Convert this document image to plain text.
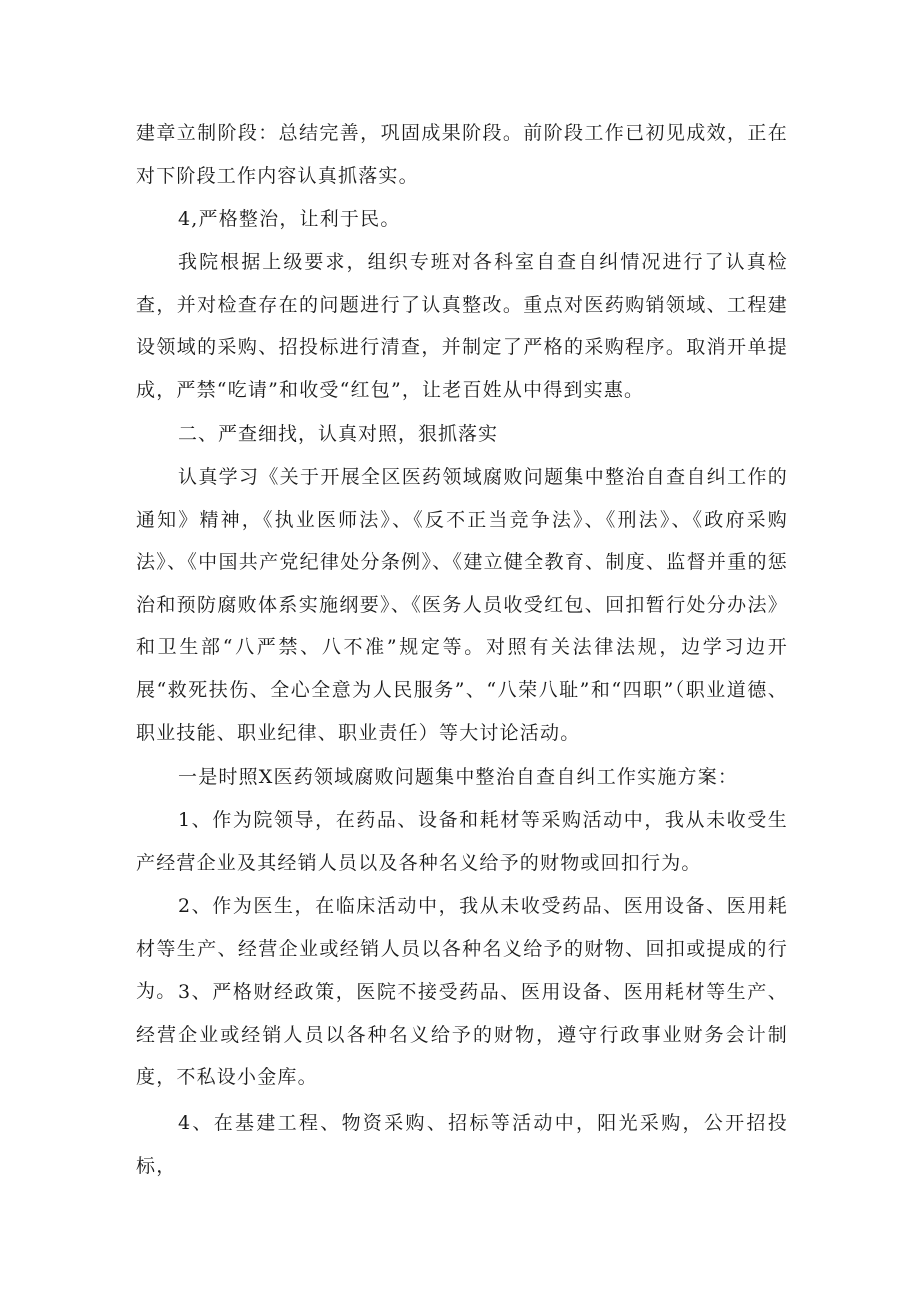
建章立制阶段：总结完善，巩固成果阶段。前阶段工作已初见成效，正在对下阶段工作内容认真抓落实。

4,严格整治，让利于民。

我院根据上级要求，组织专班对各科室自查自纠情况进行了认真检查，并对检查存在的问题进行了认真整改。重点对医药购销领域、工程建设领域的采购、招投标进行清查，并制定了严格的采购程序。取消开单提成，严禁“吃请”和收受“红包”，让老百姓从中得到实惠。

二、严查细找，认真对照，狠抓落实

认真学习《关于开展全区医药领域腐败问题集中整治自查自纠工作的通知》精神，《执业医师法》、《反不正当竞争法》、《刑法》、《政府采购法》、《中国共产党纪律处分条例》、《建立健全教育、制度、监督并重的惩治和预防腐败体系实施纲要》、《医务人员收受红包、回扣暂行处分办法》和卫生部“八严禁、八不准”规定等。对照有关法律法规，边学习边开展“救死扶伤、全心全意为人民服务”、“八荣八耻”和“四职”（职业道德、职业技能、职业纪律、职业责任）等大讨论活动。

一是时照X医药领域腐败问题集中整治自查自纠工作实施方案：

1、作为院领导，在药品、设备和耗材等采购活动中，我从未收受生产经营企业及其经销人员以及各种名义给予的财物或回扣行为。

2、作为医生，在临床活动中，我从未收受药品、医用设备、医用耗材等生产、经营企业或经销人员以各种名义给予的财物、回扣或提成的行为。 3、严格财经政策，医院不接受药品、医用设备、医用耗材等生产、经营企业或经销人员以各种名义给予的财物，遵守行政事业财务会计制度，不私设小金库。

4、在基建工程、物资采购、招标等活动中，阳光采购，公开招投标，
